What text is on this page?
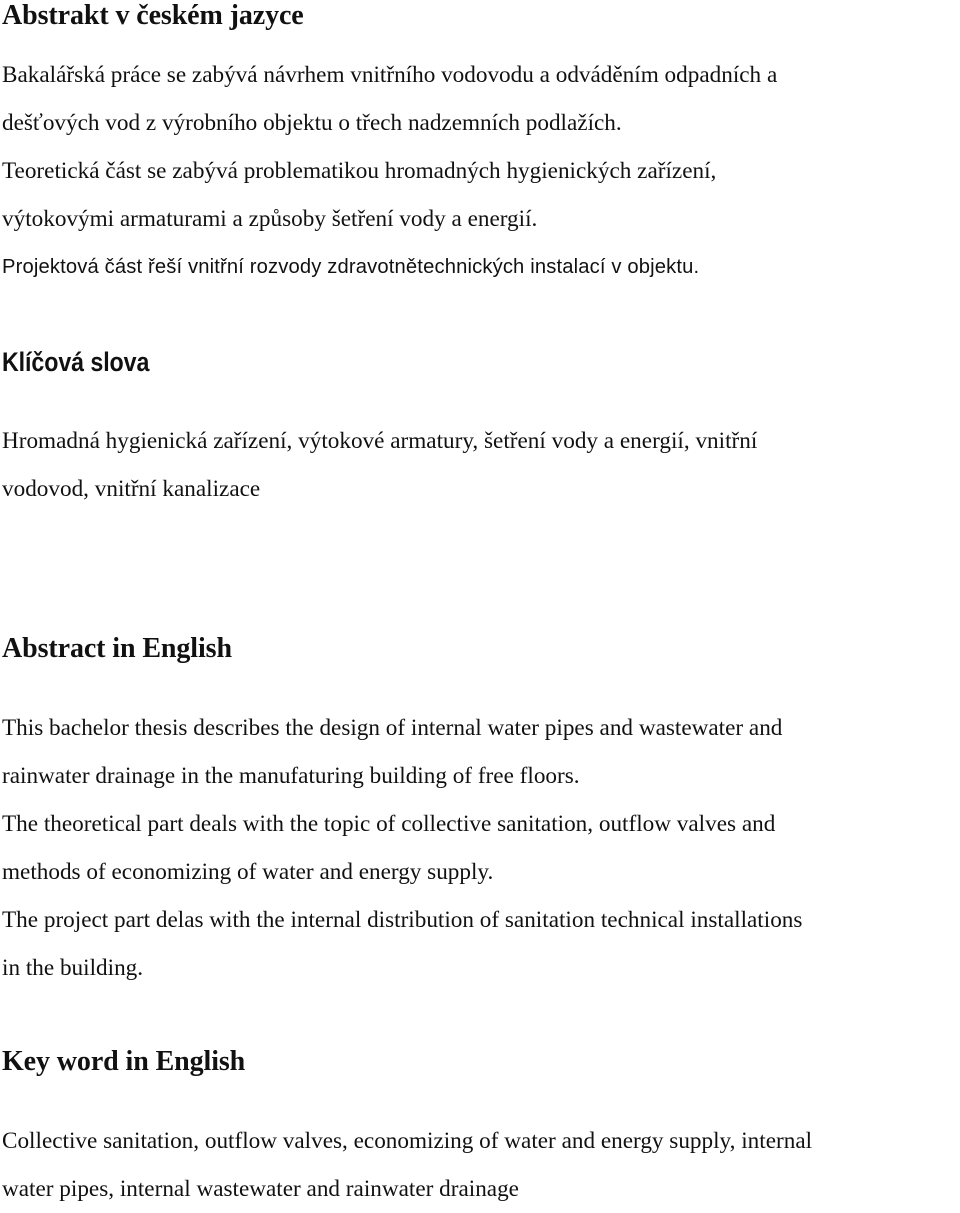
Abstrakt v českém jazyce

Bakalářská práce se zabývá návrhem vnitřního vodovodu a odváděním odpadních a

dešťových vod z výrobního objektu o třech nadzemních podlažích.

Teoretická část se zabývá problematikou hromadných hygienických zařízení,

výtokovými armaturami a způsoby šetření vody a energií.

Projektová část řeší vnitřní rozvody zdravotnětechnických instalací v objektu.

Klíčová slova

Hromadná hygienická zařízení, výtokové armatury, šetření vody a energií, vnitřní

vodovod, vnitřní kanalizace

Abstract in English

This bachelor thesis describes the design of internal water pipes and wastewater and

rainwater drainage in the manufaturing building of free floors.

The theoretical part deals with the topic of collective sanitation, outflow valves and

methods of economizing of water and energy supply.

The project part delas with the internal distribution of sanitation technical installations

in the building.

Key word in English

Collective sanitation, outflow valves, economizing of water and energy supply, internal

water pipes, internal wastewater and rainwater drainage
